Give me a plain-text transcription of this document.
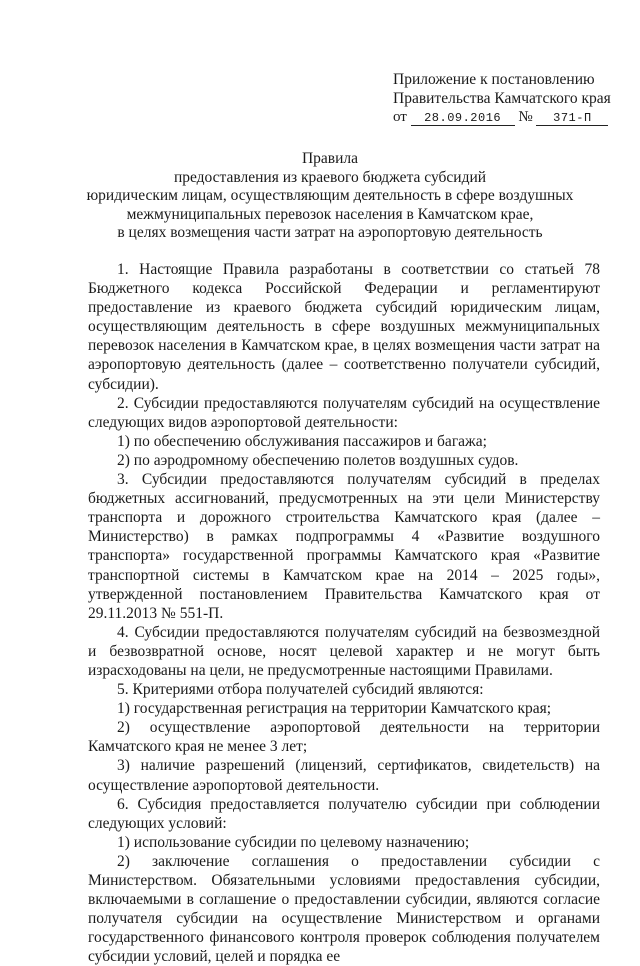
Приложение к постановлению
Правительства Камчатского края
от 28.09.2016 № 371-П
Правила
предоставления из краевого бюджета субсидий
юридическим лицам, осуществляющим деятельность в сфере воздушных
межмуниципальных перевозок населения в Камчатском крае,
в целях возмещения части затрат на аэропортовую деятельность

1. Настоящие Правила разработаны в соответствии со статьей 78 Бюджетного кодекса Российской Федерации и регламентируют предоставление из краевого бюджета субсидий юридическим лицам, осуществляющим деятельность в сфере воздушных межмуниципальных перевозок населения в Камчатском крае, в целях возмещения части затрат на аэропортовую деятельность (далее – соответственно получатели субсидий, субсидии).

2. Субсидии предоставляются получателям субсидий на осуществление следующих видов аэропортовой деятельности:

1) по обеспечению обслуживания пассажиров и багажа;

2) по аэродромному обеспечению полетов воздушных судов.

3. Субсидии предоставляются получателям субсидий в пределах бюджетных ассигнований, предусмотренных на эти цели Министерству транспорта и дорожного строительства Камчатского края (далее – Министерство) в рамках подпрограммы 4 «Развитие воздушного транспорта» государственной программы Камчатского края «Развитие транспортной системы в Камчатском крае на 2014 – 2025 годы», утвержденной постановлением Правительства Камчатского края от 29.11.2013 № 551-П.

4. Субсидии предоставляются получателям субсидий на безвозмездной и безвозвратной основе, носят целевой характер и не могут быть израсходованы на цели, не предусмотренные настоящими Правилами.

5. Критериями отбора получателей субсидий являются:

1) государственная регистрация на территории Камчатского края;

2) осуществление аэропортовой деятельности на территории Камчатского края не менее 3 лет;

3) наличие разрешений (лицензий, сертификатов, свидетельств) на осуществление аэропортовой деятельности.

6. Субсидия предоставляется получателю субсидии при соблюдении следующих условий:

1) использование субсидии по целевому назначению;

2) заключение соглашения о предоставлении субсидии с Министерством. Обязательными условиями предоставления субсидии, включаемыми в соглашение о предоставлении субсидии, являются согласие получателя субсидии на осуществление Министерством и органами государственного финансового контроля проверок соблюдения получателем субсидии условий, целей и порядка ее
